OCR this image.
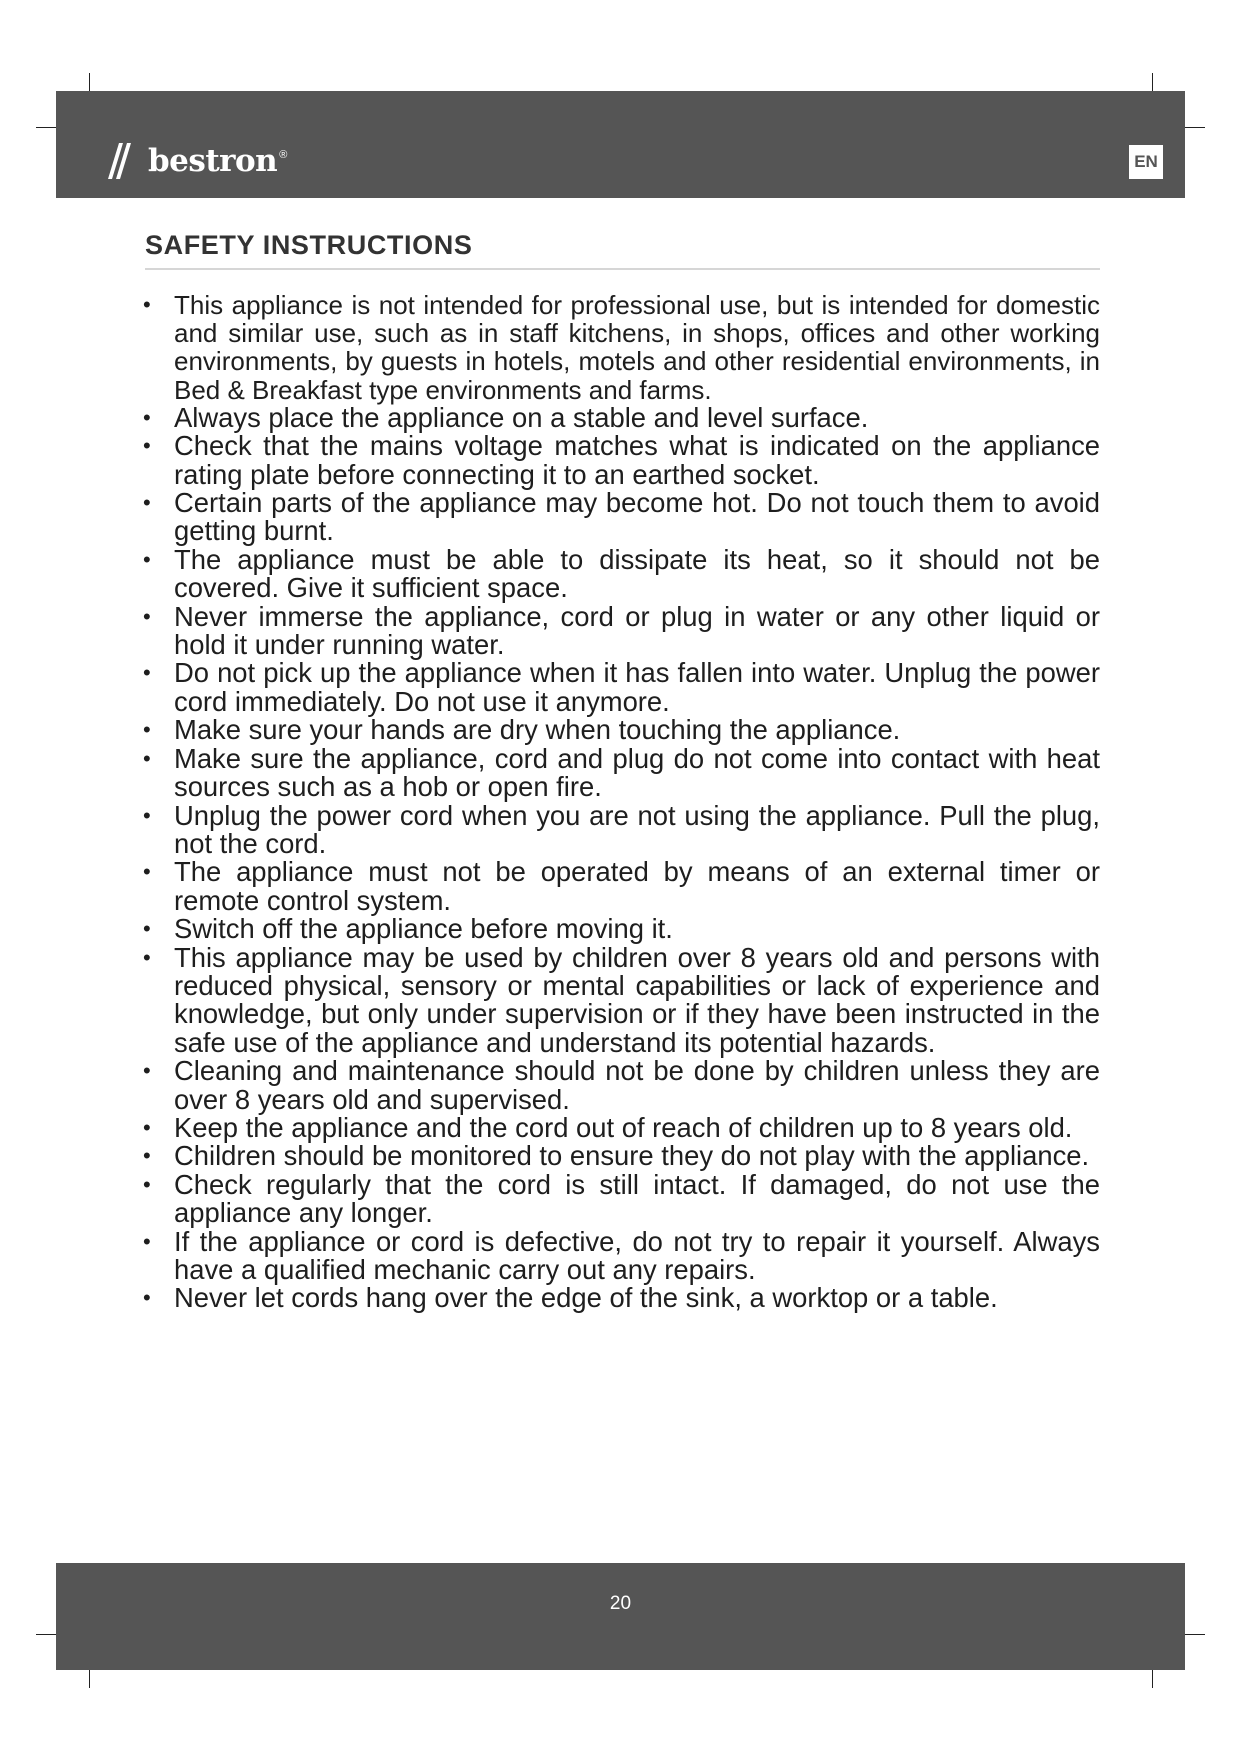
bestron ®	EN
SAFETY INSTRUCTIONS
• This appliance is not intended for professional use, but is intended for domestic and similar use, such as in staff kitchens, in shops, offices and other working environments, by guests in hotels, motels and other residential environments, in Bed & Breakfast type environments and farms.
• Always place the appliance on a stable and level surface.
• Check that the mains voltage matches what is indicated on the appliance rating plate before connecting it to an earthed socket.
• Certain parts of the appliance may become hot. Do not touch them to avoid getting burnt.
• The appliance must be able to dissipate its heat, so it should not be covered. Give it sufficient space.
• Never immerse the appliance, cord or plug in water or any other liquid or hold it under running water.
• Do not pick up the appliance when it has fallen into water. Unplug the power cord immediately. Do not use it anymore.
• Make sure your hands are dry when touching the appliance.
• Make sure the appliance, cord and plug do not come into contact with heat sources such as a hob or open fire.
• Unplug the power cord when you are not using the appliance. Pull the plug, not the cord.
• The appliance must not be operated by means of an external timer or remote control system.
• Switch off the appliance before moving it.
• This appliance may be used by children over 8 years old and persons with reduced physical, sensory or mental capabilities or lack of experience and knowledge, but only under supervision or if they have been instructed in the safe use of the appliance and understand its potential hazards.
• Cleaning and maintenance should not be done by children unless they are over 8 years old and supervised.
• Keep the appliance and the cord out of reach of children up to 8 years old.
• Children should be monitored to ensure they do not play with the appliance.
• Check regularly that the cord is still intact. If damaged, do not use the appliance any longer.
• If the appliance or cord is defective, do not try to repair it yourself. Always have a qualified mechanic carry out any repairs.
• Never let cords hang over the edge of the sink, a worktop or a table.
20
